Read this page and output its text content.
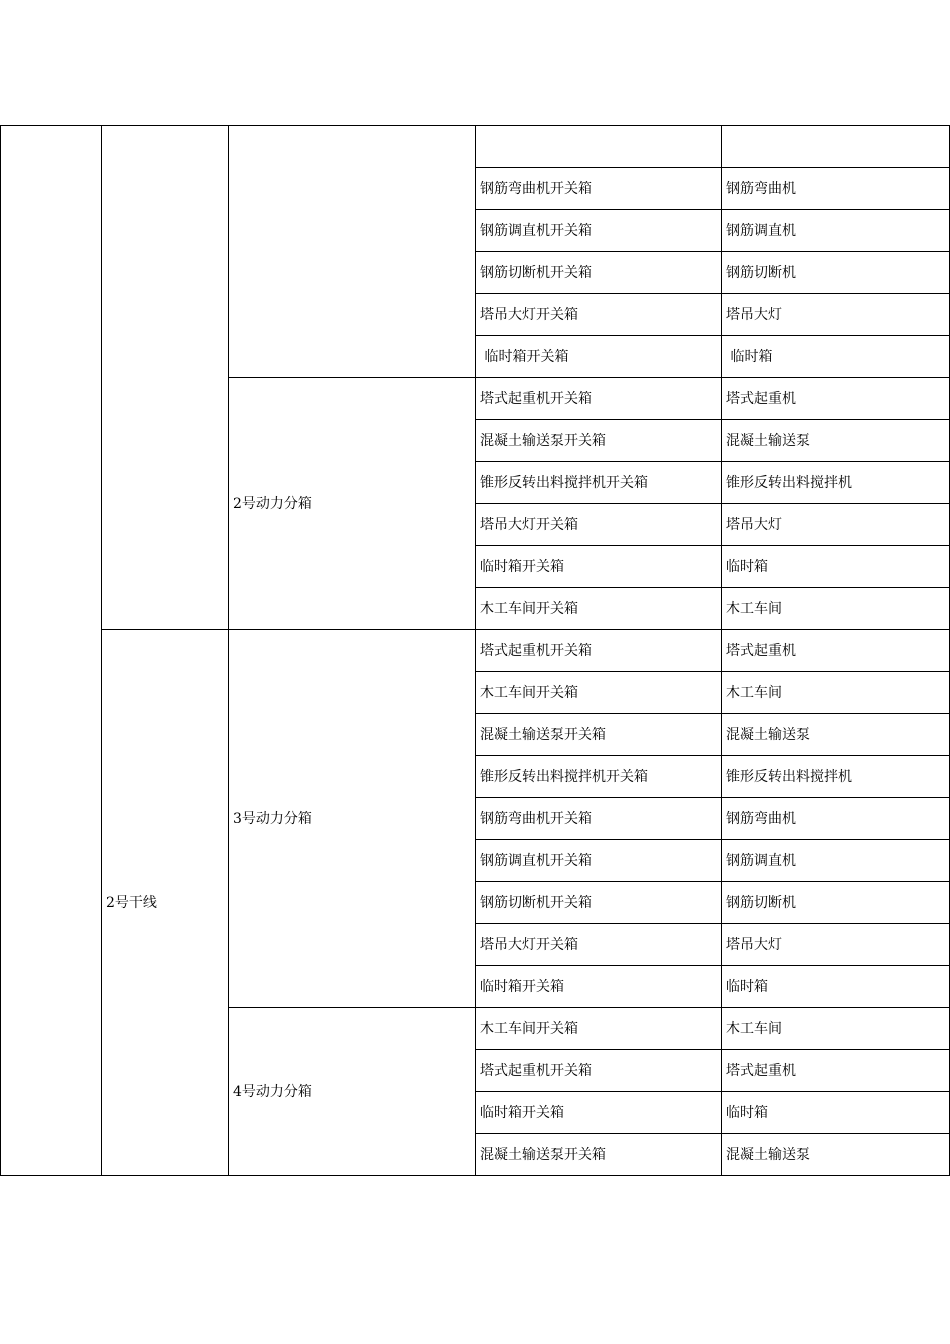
			钢筋弯曲机开关箱	钢筋弯曲机
			钢筋调直机开关箱	钢筋调直机
			钢筋切断机开关箱	钢筋切断机
			塔吊大灯开关箱	塔吊大灯
			临时箱开关箱	临时箱
		2号动力分箱	塔式起重机开关箱	塔式起重机
			混凝土输送泵开关箱	混凝土输送泵
			锥形反转出料搅拌机开关箱	锥形反转出料搅拌机
			塔吊大灯开关箱	塔吊大灯
			临时箱开关箱	临时箱
			木工车间开关箱	木工车间
	2号干线	3号动力分箱	塔式起重机开关箱	塔式起重机
			木工车间开关箱	木工车间
			混凝土输送泵开关箱	混凝土输送泵
			锥形反转出料搅拌机开关箱	锥形反转出料搅拌机
			钢筋弯曲机开关箱	钢筋弯曲机
			钢筋调直机开关箱	钢筋调直机
			钢筋切断机开关箱	钢筋切断机
			塔吊大灯开关箱	塔吊大灯
			临时箱开关箱	临时箱
		4号动力分箱	木工车间开关箱	木工车间
			塔式起重机开关箱	塔式起重机
			临时箱开关箱	临时箱
			混凝土输送泵开关箱	混凝土输送泵
